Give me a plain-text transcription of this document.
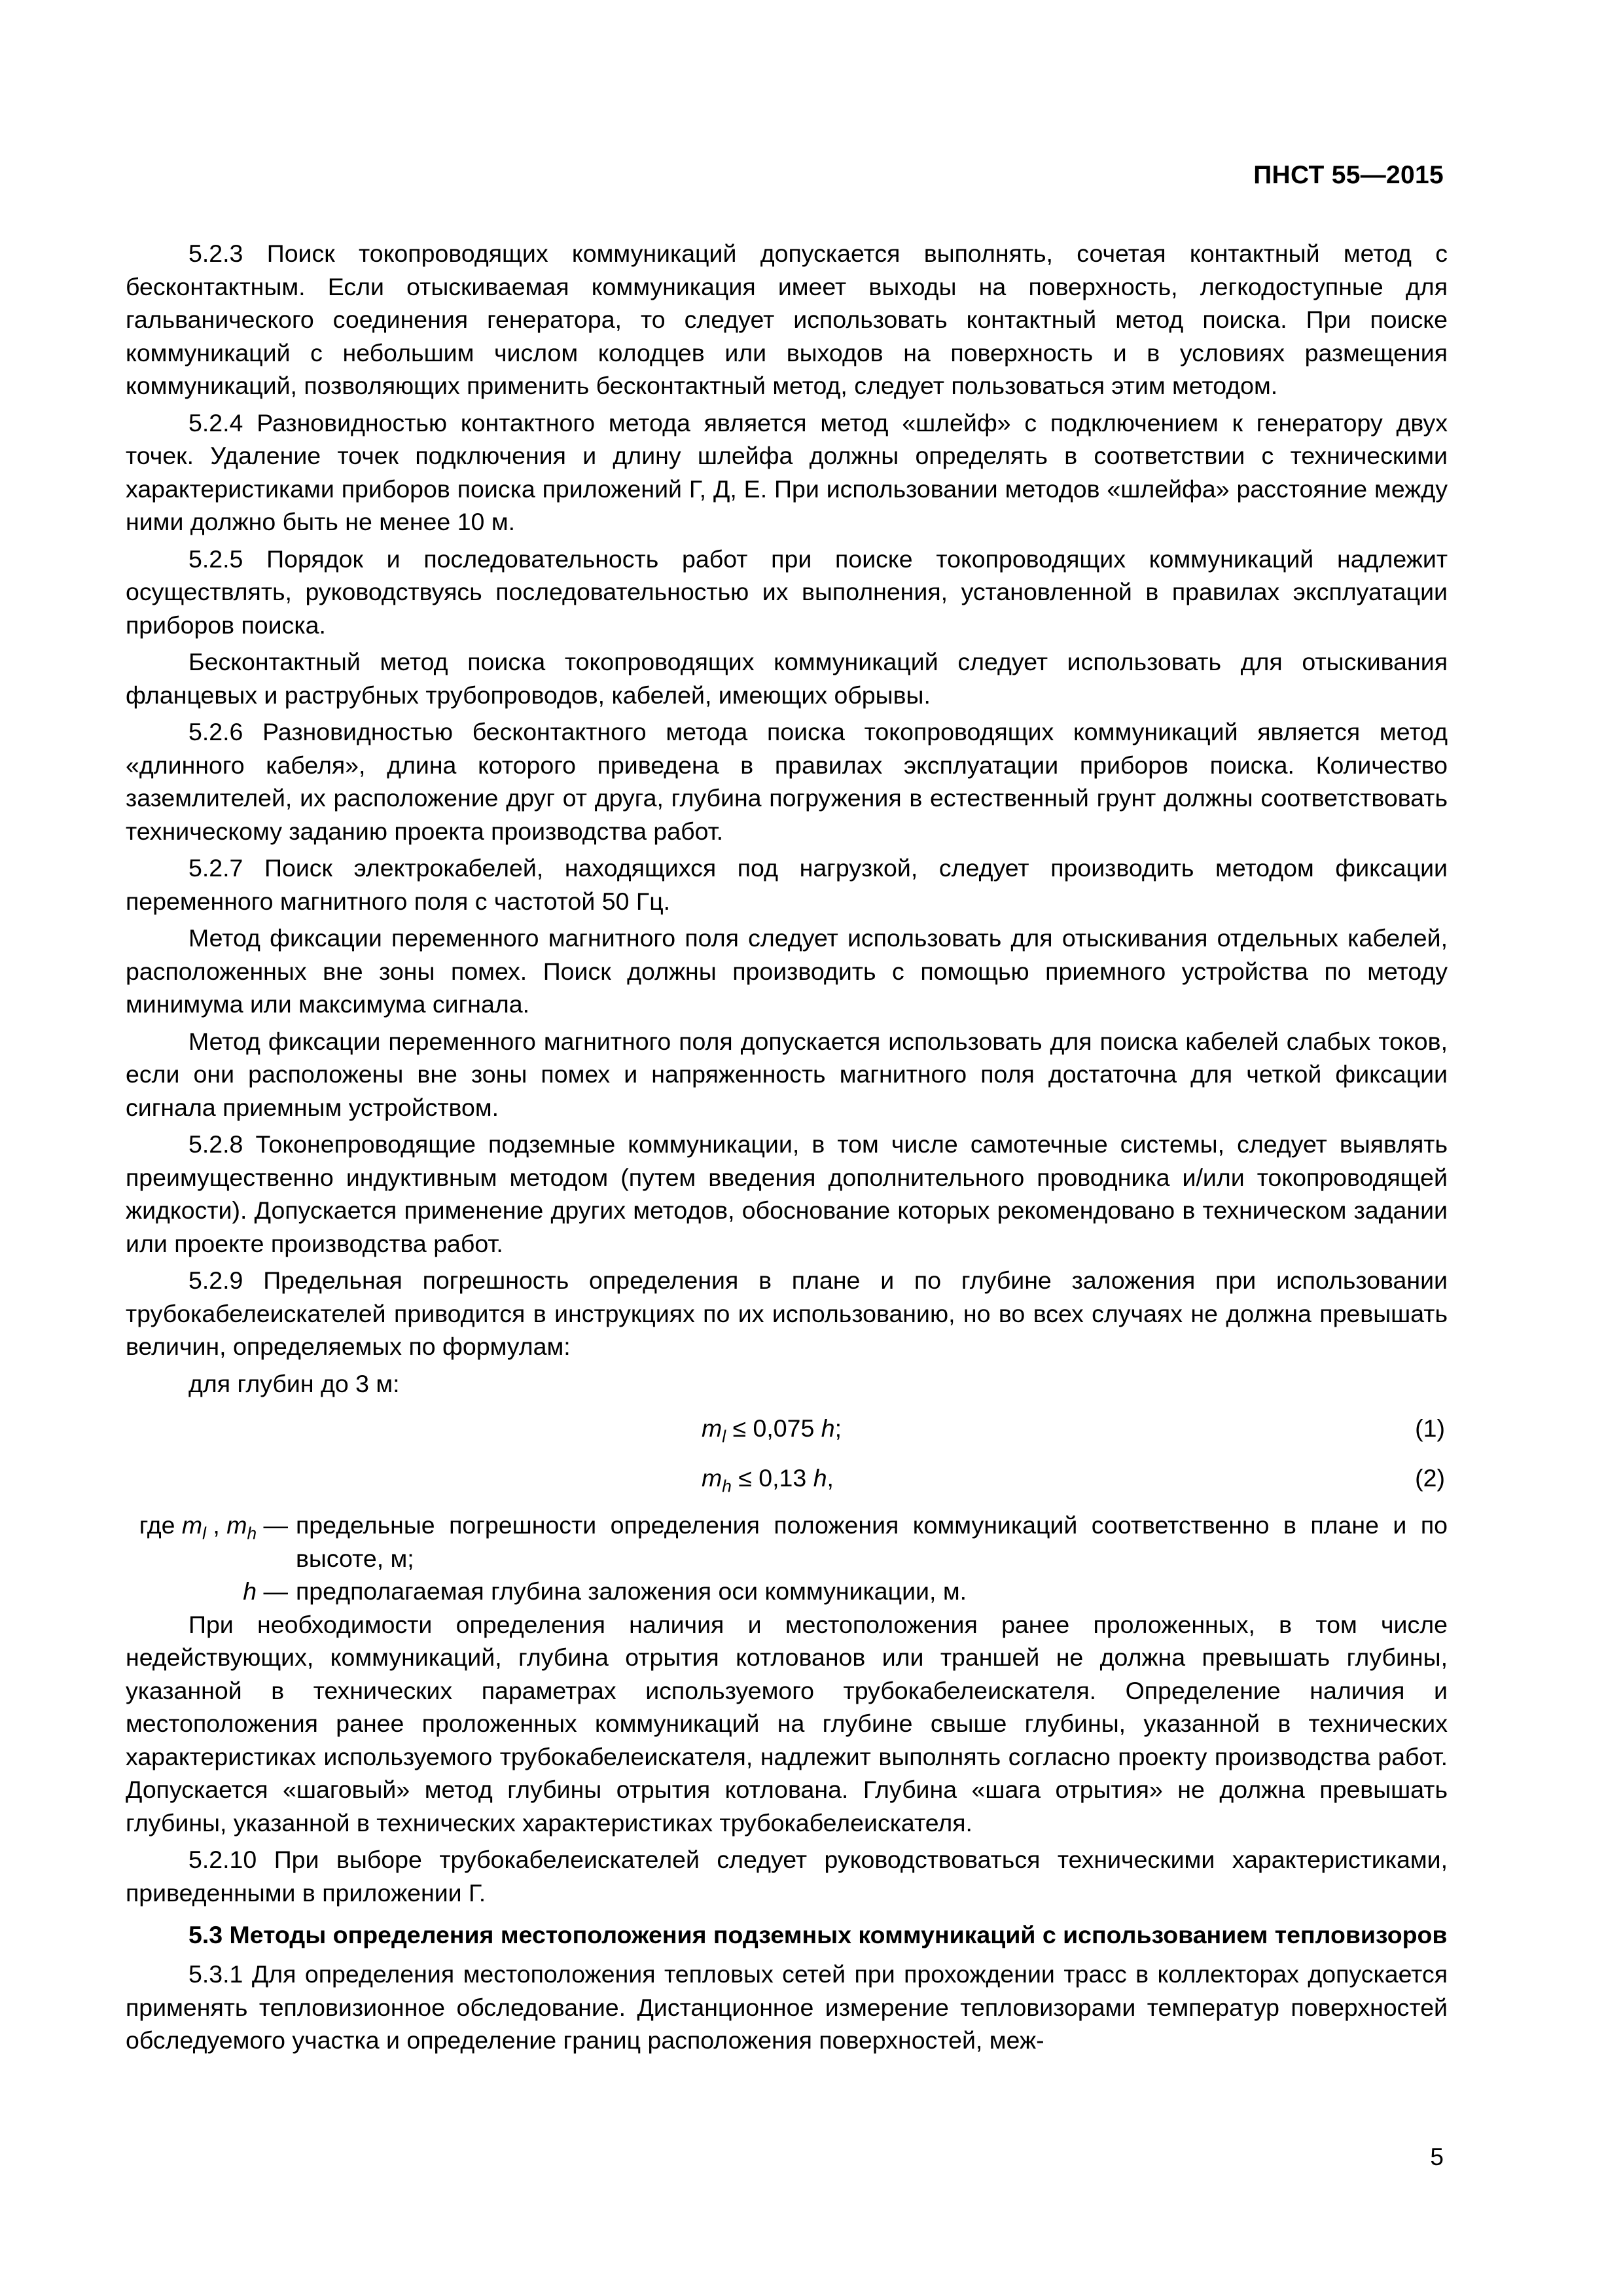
ПНСТ 55—2015

5.2.3 Поиск токопроводящих коммуникаций допускается выполнять, сочетая контактный метод с бесконтактным. Если отыскиваемая коммуникация имеет выходы на поверхность, легкодоступные для гальванического соединения генератора, то следует использовать контактный метод поиска. При поиске коммуникаций с небольшим числом колодцев или выходов на поверхность и в условиях размещения коммуникаций, позволяющих применить бесконтактный метод, следует пользоваться этим методом.

5.2.4 Разновидностью контактного метода является метод «шлейф» с подключением к генератору двух точек. Удаление точек подключения и длину шлейфа должны определять в соответствии с техническими характеристиками приборов поиска приложений Г, Д, Е. При использовании методов «шлейфа» расстояние между ними должно быть не менее 10 м.

5.2.5 Порядок и последовательность работ при поиске токопроводящих коммуникаций надлежит осуществлять, руководствуясь последовательностью их выполнения, установленной в правилах эксплуатации приборов поиска.

Бесконтактный метод поиска токопроводящих коммуникаций следует использовать для отыскивания фланцевых и раструбных трубопроводов, кабелей, имеющих обрывы.

5.2.6 Разновидностью бесконтактного метода поиска токопроводящих коммуникаций является метод «длинного кабеля», длина которого приведена в правилах эксплуатации приборов поиска. Количество заземлителей, их расположение друг от друга, глубина погружения в естественный грунт должны соответствовать техническому заданию проекта производства работ.

5.2.7 Поиск электрокабелей, находящихся под нагрузкой, следует производить методом фиксации переменного магнитного поля с частотой 50 Гц.

Метод фиксации переменного магнитного поля следует использовать для отыскивания отдельных кабелей, расположенных вне зоны помех. Поиск должны производить с помощью приемного устройства по методу минимума или максимума сигнала.

Метод фиксации переменного магнитного поля допускается использовать для поиска кабелей слабых токов, если они расположены вне зоны помех и напряженность магнитного поля достаточна для четкой фиксации сигнала приемным устройством.

5.2.8 Токонепроводящие подземные коммуникации, в том числе самотечные системы, следует выявлять преимущественно индуктивным методом (путем введения дополнительного проводника и/или токопроводящей жидкости). Допускается применение других методов, обоснование которых рекомендовано в техническом задании или проекте производства работ.

5.2.9 Предельная погрешность определения в плане и по глубине заложения при использовании трубокабелеискателей приводится в инструкциях по их использованию, но во всех случаях не должна превышать величин, определяемых по формулам:

для глубин до 3 м:
$m_l \le 0,075$ h;	(1)
$m_h \le 0,13$ h,	(2)
где $m_l$ , $m_h$ — предельные погрешности определения положения коммуникаций соответственно в плане и по высоте, м;
h — предполагаемая глубина заложения оси коммуникации, м.

При необходимости определения наличия и местоположения ранее проложенных, в том числе недействующих, коммуникаций, глубина отрытия котлованов или траншей не должна превышать глубины, указанной в технических параметрах используемого трубокабелеискателя. Определение наличия и местоположения ранее проложенных коммуникаций на глубине свыше глубины, указанной в технических характеристиках используемого трубокабелеискателя, надлежит выполнять согласно проекту производства работ. Допускается «шаговый» метод глубины отрытия котлована. Глубина «шага отрытия» не должна превышать глубины, указанной в технических характеристиках трубокабелеискателя.

5.2.10 При выборе трубокабелеискателей следует руководствоваться техническими характеристиками, приведенными в приложении Г.

5.3 Методы определения местоположения подземных коммуникаций с использованием тепловизоров

5.3.1 Для определения местоположения тепловых сетей при прохождении трасс в коллекторах допускается применять тепловизионное обследование. Дистанционное измерение тепловизорами температур поверхностей обследуемого участка и определение границ расположения поверхностей, меж-

5
